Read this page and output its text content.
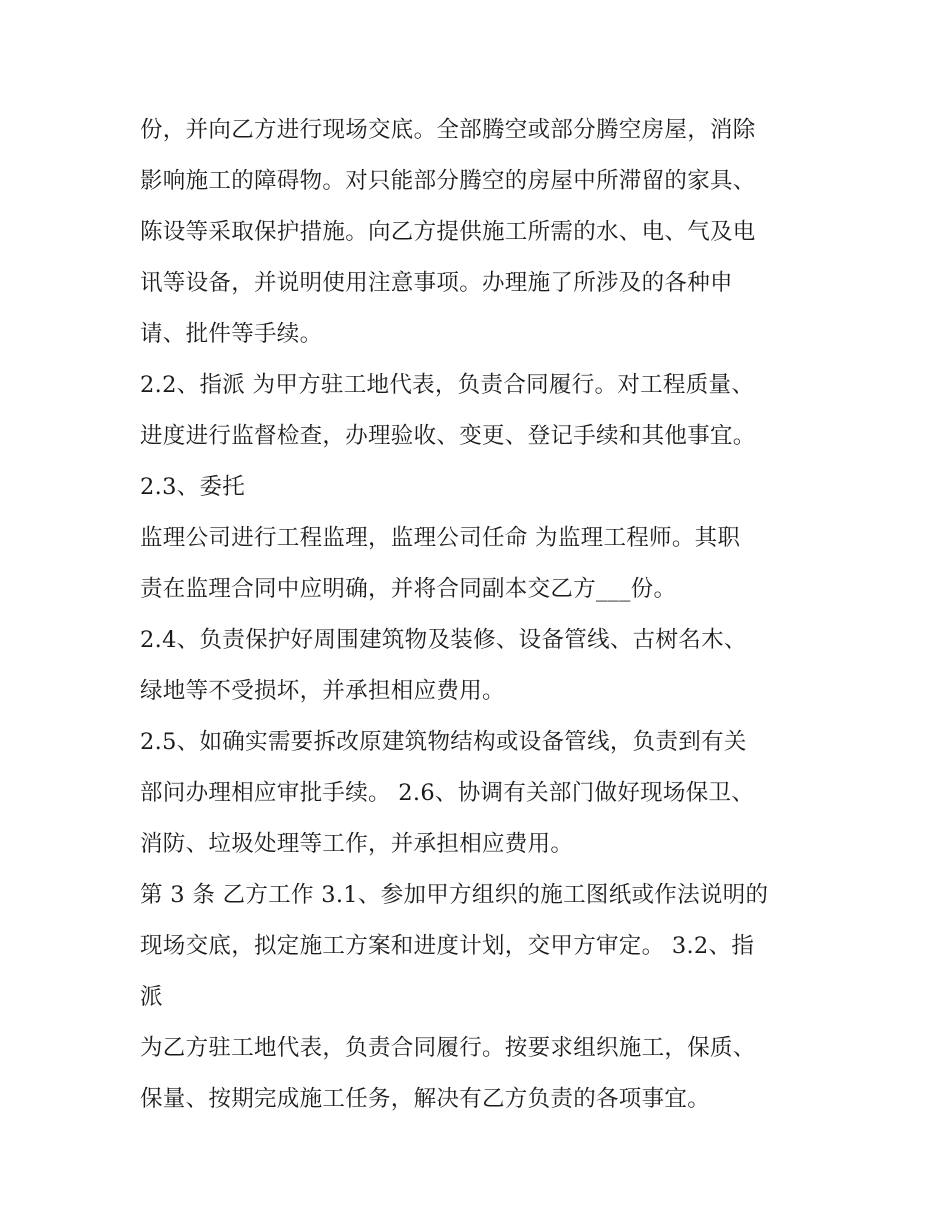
份，并向乙方进行现场交底。全部腾空或部分腾空房屋，消除
影响施工的障碍物。对只能部分腾空的房屋中所滞留的家具、
陈设等采取保护措施。向乙方提供施工所需的水、电、气及电
讯等设备，并说明使用注意事项。办理施了所涉及的各种申
请、批件等手续。
2.2、指派 为甲方驻工地代表，负责合同履行。对工程质量、
进度进行监督检查，办理验收、变更、登记手续和其他事宜。
2.3、委托
监理公司进行工程监理，监理公司任命 为监理工程师。其职
责在监理合同中应明确，并将合同副本交乙方___份。
2.4、负责保护好周围建筑物及装修、设备管线、古树名木、
绿地等不受损坏，并承担相应费用。
2.5、如确实需要拆改原建筑物结构或设备管线，负责到有关
部问办理相应审批手续。 2.6、协调有关部门做好现场保卫、
消防、垃圾处理等工作，并承担相应费用。
第 3 条 乙方工作 3.1、参加甲方组织的施工图纸或作法说明的
现场交底，拟定施工方案和进度计划，交甲方审定。 3.2、指
派
为乙方驻工地代表，负责合同履行。按要求组织施工，保质、
保量、按期完成施工任务，解决有乙方负责的各项事宜。
